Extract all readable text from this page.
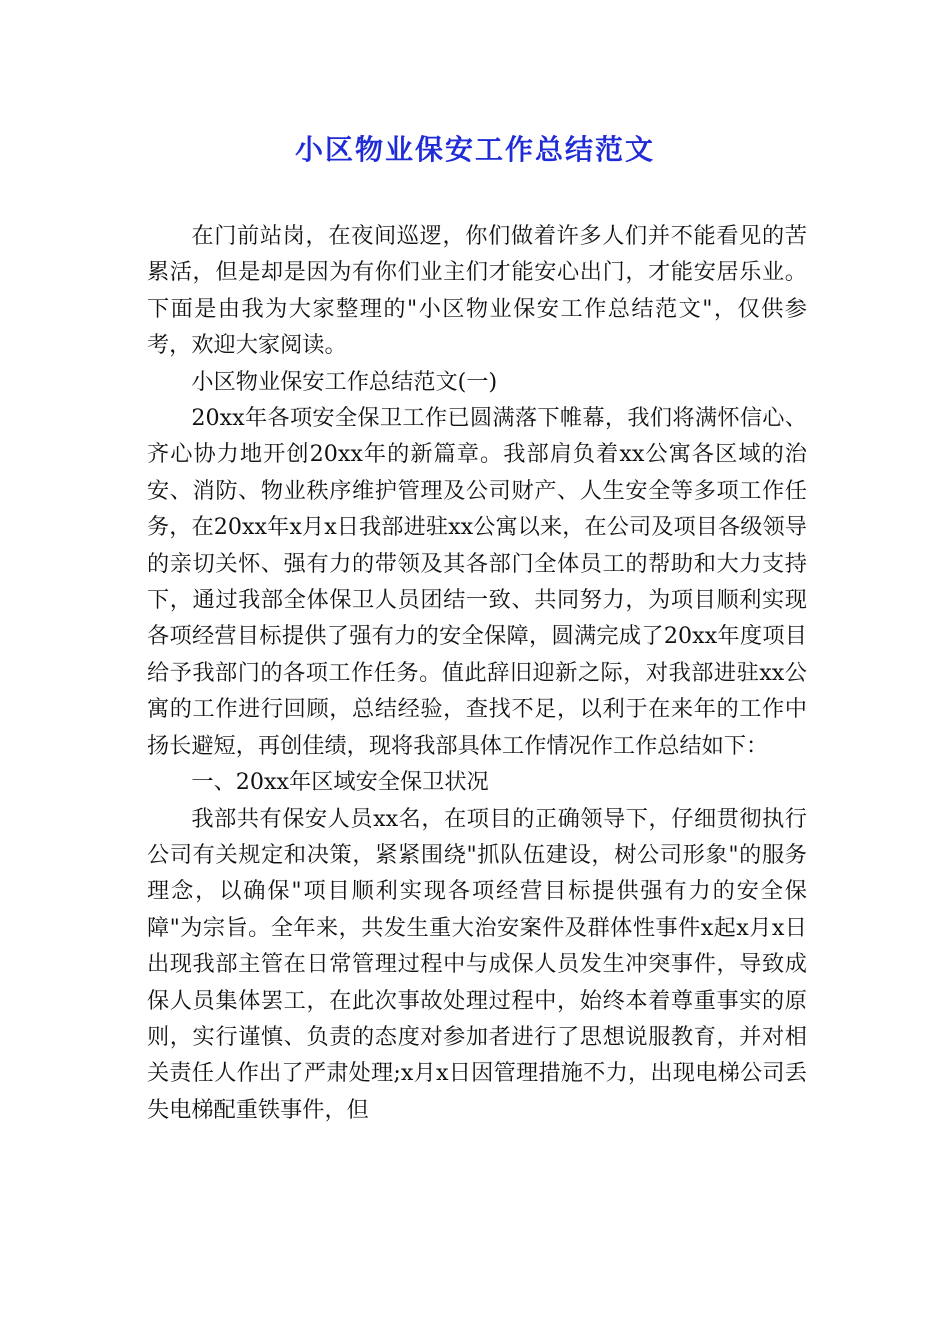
小区物业保安工作总结范文

在门前站岗，在夜间巡逻，你们做着许多人们并不能看见的苦累活，但是却是因为有你们业主们才能安心出门，才能安居乐业。下面是由我为大家整理的"小区物业保安工作总结范文"，仅供参考，欢迎大家阅读。

小区物业保安工作总结范文(一)

20xx年各项安全保卫工作已圆满落下帷幕，我们将满怀信心、齐心协力地开创20xx年的新篇章。我部肩负着xx公寓各区域的治安、消防、物业秩序维护管理及公司财产、人生安全等多项工作任务，在20xx年x月x日我部进驻xx公寓以来，在公司及项目各级领导的亲切关怀、强有力的带领及其各部门全体员工的帮助和大力支持下，通过我部全体保卫人员团结一致、共同努力，为项目顺利实现各项经营目标提供了强有力的安全保障，圆满完成了20xx年度项目给予我部门的各项工作任务。值此辞旧迎新之际，对我部进驻xx公寓的工作进行回顾，总结经验，查找不足，以利于在来年的工作中扬长避短，再创佳绩，现将我部具体工作情况作工作总结如下：

一、20xx年区域安全保卫状况

我部共有保安人员xx名，在项目的正确领导下，仔细贯彻执行公司有关规定和决策，紧紧围绕"抓队伍建设，树公司形象"的服务理念，以确保"项目顺利实现各项经营目标提供强有力的安全保障"为宗旨。全年来，共发生重大治安案件及群体性事件x起x月x日出现我部主管在日常管理过程中与成保人员发生冲突事件，导致成保人员集体罢工，在此次事故处理过程中，始终本着尊重事实的原则，实行谨慎、负责的态度对参加者进行了思想说服教育，并对相关责任人作出了严肃处理;x月x日因管理措施不力，出现电梯公司丢失电梯配重铁事件，但
